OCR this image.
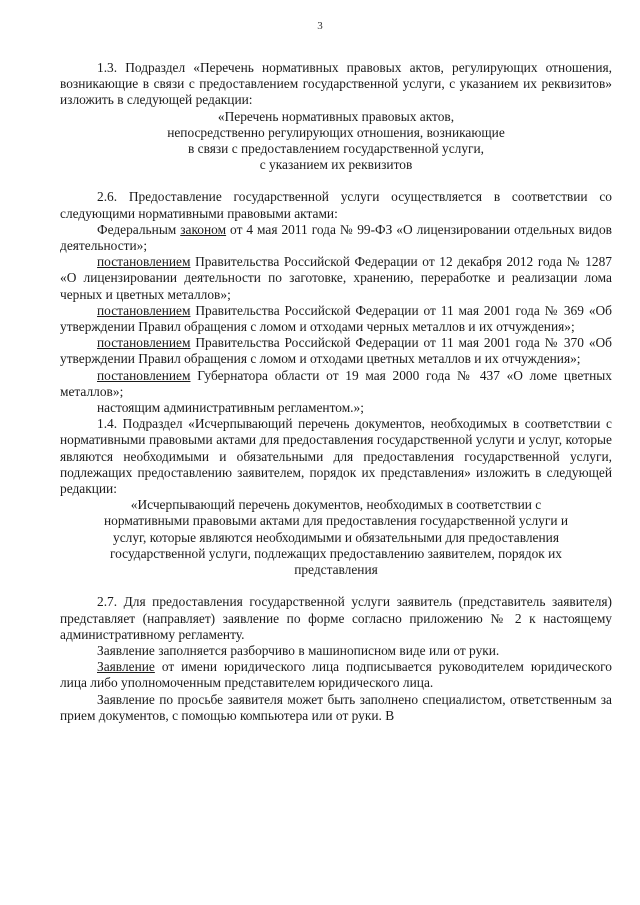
3

1.3. Подраздел «Перечень нормативных правовых актов, регулирующих отношения, возникающие в связи с предоставлением государственной услуги, с указанием их реквизитов» изложить в следующей редакции:

«Перечень нормативных правовых актов,

непосредственно регулирующих отношения, возникающие

в связи с предоставлением государственной услуги,

с указанием их реквизитов

2.6. Предоставление государственной услуги осуществляется в соответствии со следующими нормативными правовыми актами:

Федеральным законом от 4 мая 2011 года № 99-ФЗ «О лицензировании отдельных видов деятельности»;

постановлением Правительства Российской Федерации от 12 декабря 2012 года № 1287 «О лицензировании деятельности по заготовке, хранению, переработке и реализации лома черных и цветных металлов»;

постановлением Правительства Российской Федерации от 11 мая 2001 года № 369 «Об утверждении Правил обращения с ломом и отходами черных металлов и их отчуждения»;

постановлением Правительства Российской Федерации от 11 мая 2001 года № 370 «Об утверждении Правил обращения с ломом и отходами цветных металлов и их отчуждения»;

постановлением Губернатора области от 19 мая 2000 года № 437 «О ломе цветных металлов»;

настоящим административным регламентом.»;

1.4. Подраздел «Исчерпывающий перечень документов, необходимых в соответствии с нормативными правовыми актами для предоставления государственной услуги и услуг, которые являются необходимыми и обязательными для предоставления государственной услуги, подлежащих предоставлению заявителем, порядок их представления» изложить в следующей редакции:

«Исчерпывающий перечень документов, необходимых в соответствии с

нормативными правовыми актами для предоставления государственной услуги и

услуг, которые являются необходимыми и обязательными для предоставления

государственной услуги, подлежащих предоставлению заявителем, порядок их

представления

2.7. Для предоставления государственной услуги заявитель (представитель заявителя) представляет (направляет) заявление по форме согласно приложению № 2 к настоящему административному регламенту.

Заявление заполняется разборчиво в машинописном виде или от руки.

Заявление от имени юридического лица подписывается руководителем юридического лица либо уполномоченным представителем юридического лица.

Заявление по просьбе заявителя может быть заполнено специалистом, ответственным за прием документов, с помощью компьютера или от руки. В
